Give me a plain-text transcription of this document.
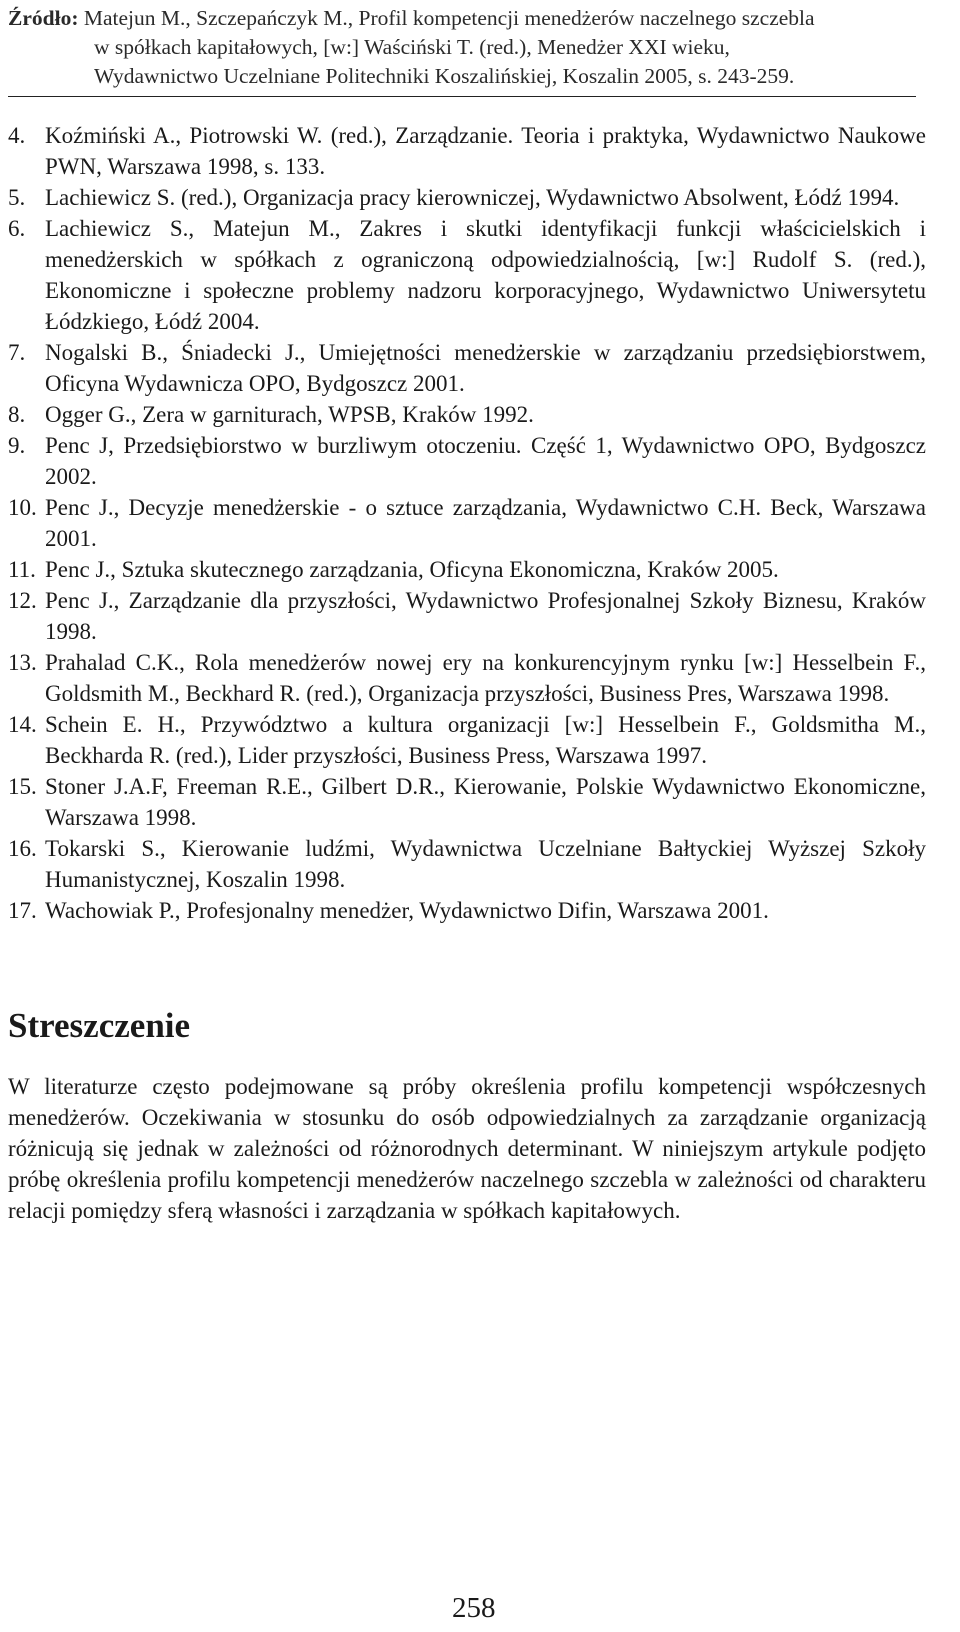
Źródło: Matejun M., Szczepańczyk M., Profil kompetencji menedżerów naczelnego szczebla
w spółkach kapitałowych, [w:] Waściński T. (red.), Menedżer XXI wieku,
Wydawnictwo Uczelniane Politechniki Koszalińskiej, Koszalin 2005, s. 243-259.
4. Koźmiński A., Piotrowski W. (red.), Zarządzanie. Teoria i praktyka, Wydawnictwo Naukowe PWN, Warszawa 1998, s. 133.
5. Lachiewicz S. (red.), Organizacja pracy kierowniczej, Wydawnictwo Absolwent, Łódź 1994.
6. Lachiewicz S., Matejun M., Zakres i skutki identyfikacji funkcji właścicielskich i menedżerskich w spółkach z ograniczoną odpowiedzialnością, [w:] Rudolf S. (red.), Ekonomiczne i społeczne problemy nadzoru korporacyjnego, Wydawnictwo Uniwersytetu Łódzkiego, Łódź 2004.
7. Nogalski B., Śniadecki J., Umiejętności menedżerskie w zarządzaniu przedsiębiorstwem, Oficyna Wydawnicza OPO, Bydgoszcz 2001.
8. Ogger G., Zera w garniturach, WPSB, Kraków 1992.
9. Penc J, Przedsiębiorstwo w burzliwym otoczeniu. Część 1, Wydawnictwo OPO, Bydgoszcz 2002.
10. Penc J., Decyzje menedżerskie - o sztuce zarządzania, Wydawnictwo C.H. Beck, Warszawa 2001.
11. Penc J., Sztuka skutecznego zarządzania, Oficyna Ekonomiczna, Kraków 2005.
12. Penc J., Zarządzanie dla przyszłości, Wydawnictwo Profesjonalnej Szkoły Biznesu, Kraków 1998.
13. Prahalad C.K., Rola menedżerów nowej ery na konkurencyjnym rynku [w:] Hesselbein F., Goldsmith M., Beckhard R. (red.), Organizacja przyszłości, Business Pres, Warszawa 1998.
14. Schein E. H., Przywództwo a kultura organizacji [w:] Hesselbein F., Goldsmitha M., Beckharda R. (red.), Lider przyszłości, Business Press, Warszawa 1997.
15. Stoner J.A.F, Freeman R.E., Gilbert D.R., Kierowanie, Polskie Wydawnictwo Ekonomiczne, Warszawa 1998.
16. Tokarski S., Kierowanie ludźmi, Wydawnictwa Uczelniane Bałtyckiej Wyższej Szkoły Humanistycznej, Koszalin 1998.
17. Wachowiak P., Profesjonalny menedżer, Wydawnictwo Difin, Warszawa 2001.
Streszczenie

W literaturze często podejmowane są próby określenia profilu kompetencji współczesnych menedżerów. Oczekiwania w stosunku do osób odpowiedzialnych za zarządzanie organizacją różnicują się jednak w zależności od różnorodnych determinant. W niniejszym artykule podjęto próbę określenia profilu kompetencji menedżerów naczelnego szczebla w zależności od charakteru relacji pomiędzy sferą własności i zarządzania w spółkach kapitałowych.

258
